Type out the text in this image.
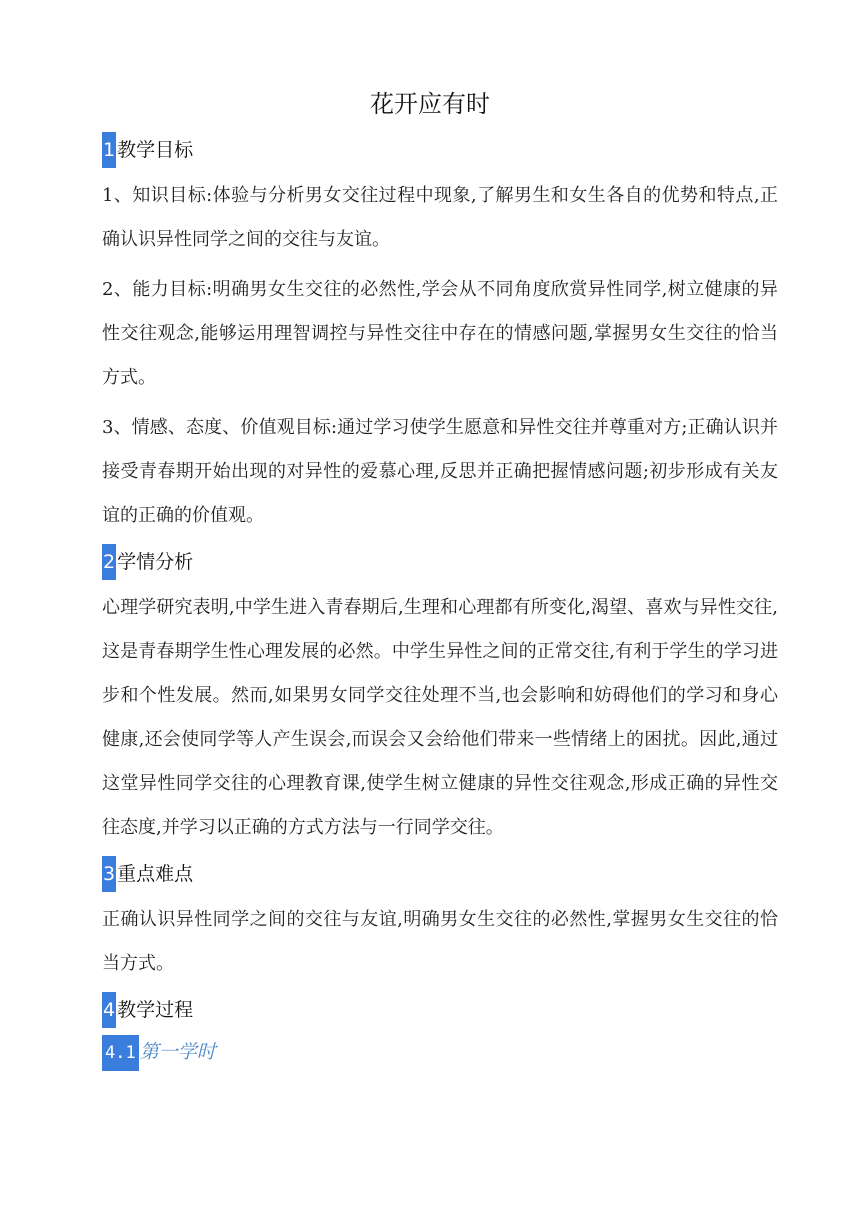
花开应有时
1 教学目标

1、知识目标:体验与分析男女交往过程中现象,了解男生和女生各自的优势和特点,正确认识异性同学之间的交往与友谊。

2、能力目标:明确男女生交往的必然性,学会从不同角度欣赏异性同学,树立健康的异性交往观念,能够运用理智调控与异性交往中存在的情感问题,掌握男女生交往的恰当方式。

3、情感、态度、价值观目标:通过学习使学生愿意和异性交往并尊重对方;正确认识并接受青春期开始出现的对异性的爱慕心理,反思并正确把握情感问题;初步形成有关友谊的正确的价值观。

2 学情分析

心理学研究表明,中学生进入青春期后,生理和心理都有所变化,渴望、喜欢与异性交往,这是青春期学生性心理发展的必然。中学生异性之间的正常交往,有利于学生的学习进步和个性发展。然而,如果男女同学交往处理不当,也会影响和妨碍他们的学习和身心健康,还会使同学等人产生误会,而误会又会给他们带来一些情绪上的困扰。因此,通过这堂异性同学交往的心理教育课,使学生树立健康的异性交往观念,形成正确的异性交往态度,并学习以正确的方式方法与一行同学交往。

3 重点难点

正确认识异性同学之间的交往与友谊,明确男女生交往的必然性,掌握男女生交往的恰当方式。

4 教学过程
4.1 第一学时
